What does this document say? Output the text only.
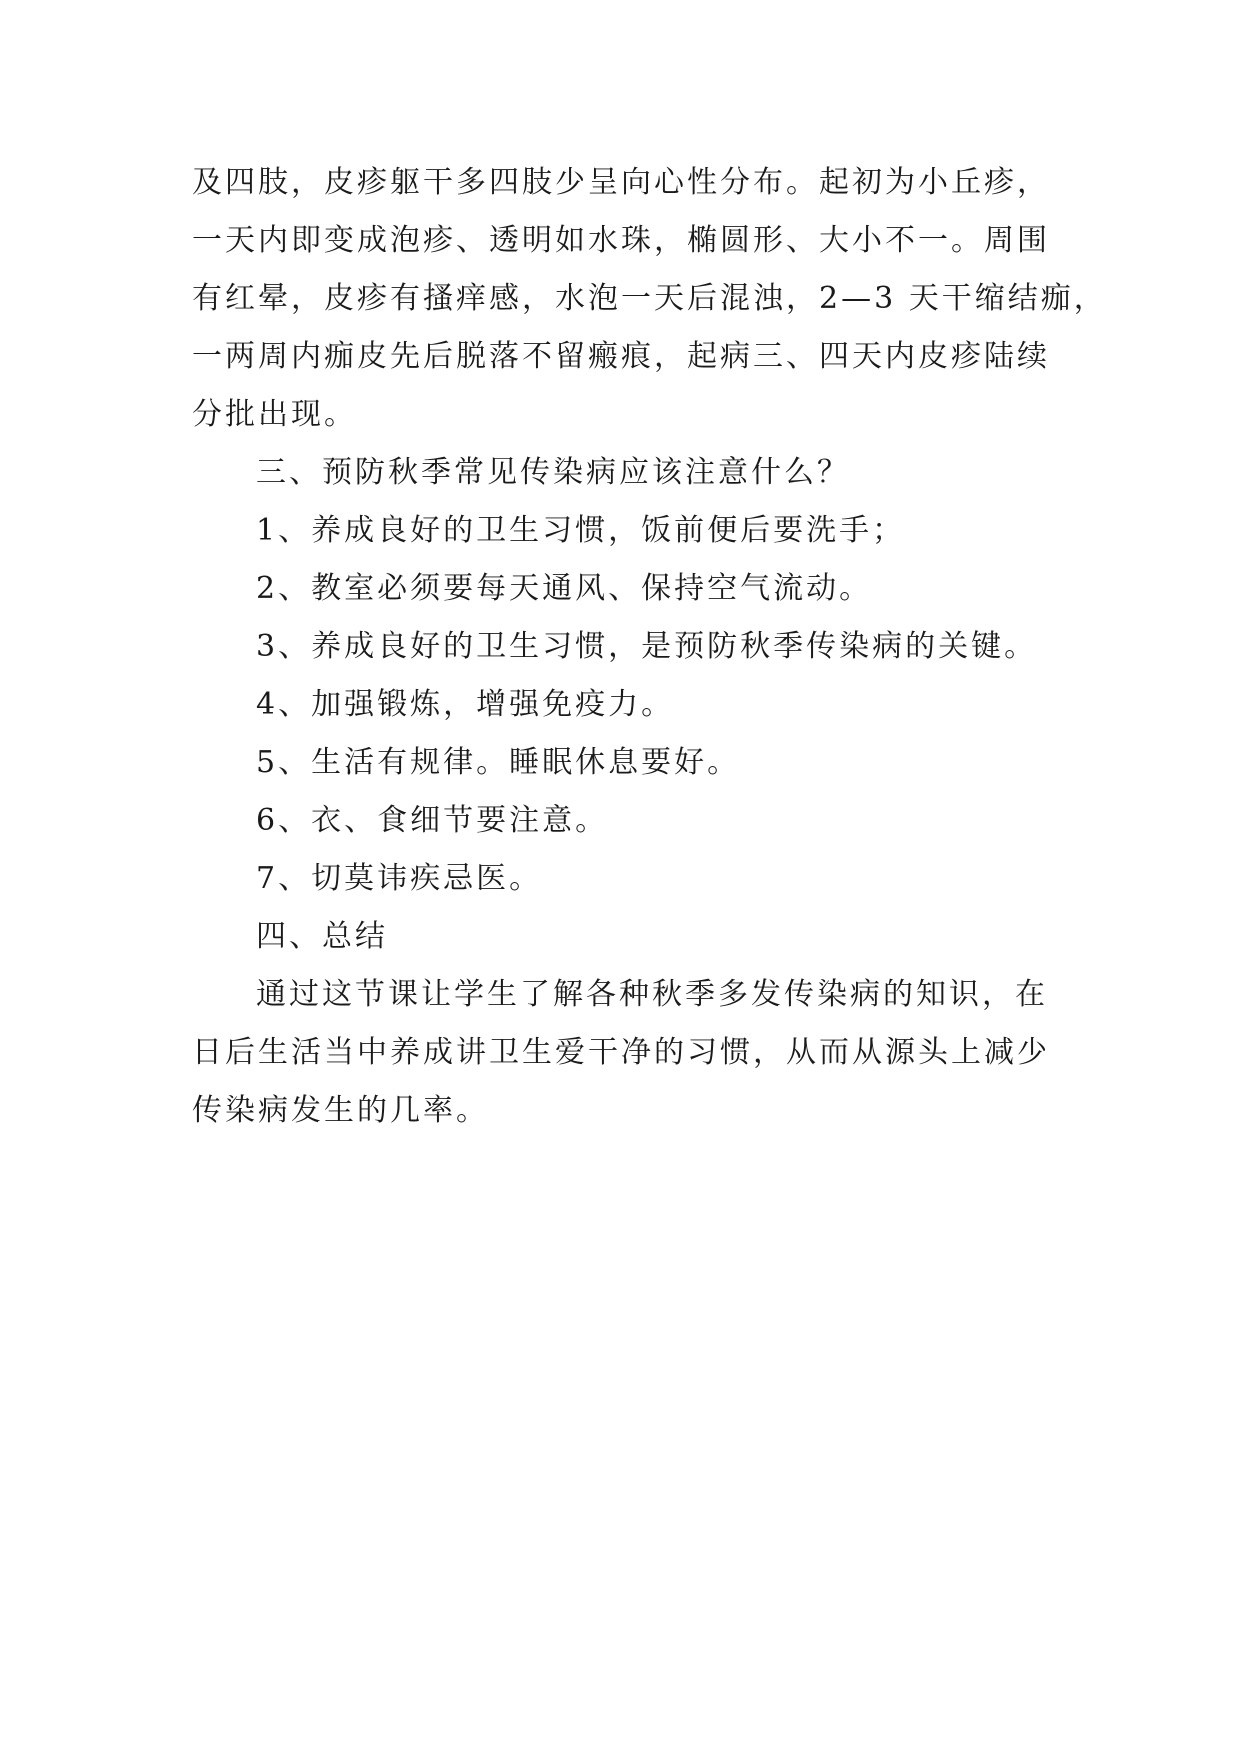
及四肢，皮疹躯干多四肢少呈向心性分布。起初为小丘疹，
一天内即变成泡疹、透明如水珠，椭圆形、大小不一。周围
有红晕，皮疹有搔痒感，水泡一天后混浊，2—3 天干缩结痂，
一两周内痂皮先后脱落不留瘢痕，起病三、四天内皮疹陆续
分批出现。
三、预防秋季常见传染病应该注意什么？
1、养成良好的卫生习惯，饭前便后要洗手；
2、教室必须要每天通风、保持空气流动。
3、养成良好的卫生习惯，是预防秋季传染病的关键。
4、加强锻炼，增强免疫力。
5、生活有规律。睡眠休息要好。
6、衣、食细节要注意。
7、切莫讳疾忌医。
四、总结
通过这节课让学生了解各种秋季多发传染病的知识，在
日后生活当中养成讲卫生爱干净的习惯，从而从源头上减少
传染病发生的几率。
